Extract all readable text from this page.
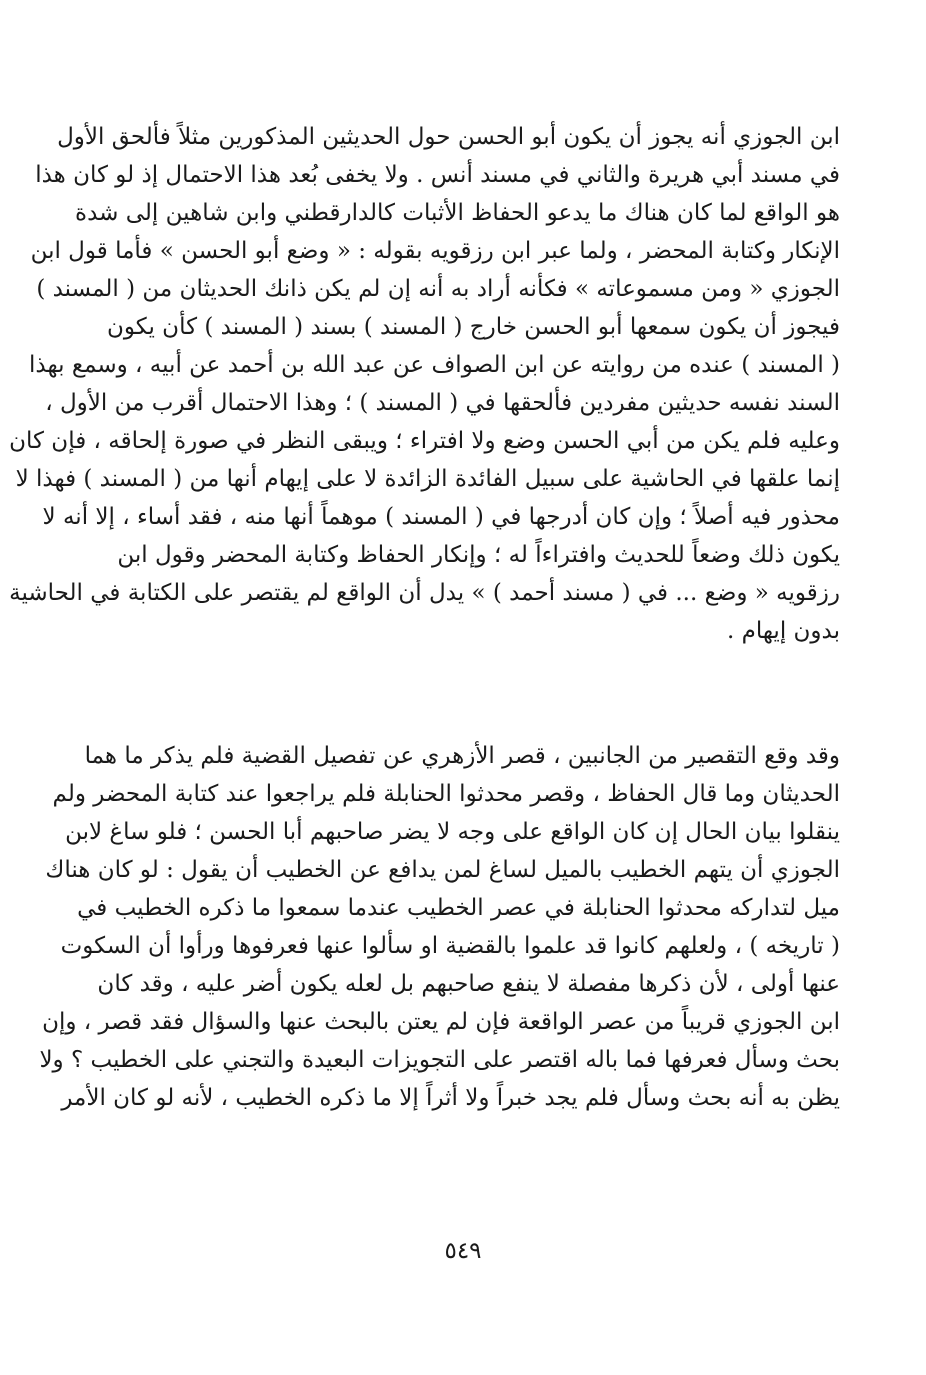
ابن الجوزي أنه يجوز أن يكون أبو الحسن حول الحديثين المذكورين مثلاً فألحق الأول
في مسند أبي هريرة والثاني في مسند أنس . ولا يخفى بُعد هذا الاحتمال إذ لو كان هذا
هو الواقع لما كان هناك ما يدعو الحفاظ الأثبات كالدارقطني وابن شاهين إلى شدة
الإنكار وكتابة المحضر ، ولما عبر ابن رزقويه بقوله : « وضع أبو الحسن » فأما قول ابن
الجوزي « ومن مسموعاته » فكأنه أراد به أنه إن لم يكن ذانك الحديثان من ( المسند )
فيجوز أن يكون سمعها أبو الحسن خارج ( المسند ) بسند ( المسند ) كأن يكون
( المسند ) عنده من روايته عن ابن الصواف عن عبد الله بن أحمد عن أبيه ، وسمع بهذا
السند نفسه حديثين مفردين فألحقها في ( المسند ) ؛ وهذا الاحتمال أقرب من الأول ،
وعليه فلم يكن من أبي الحسن وضع ولا افتراء ؛ ويبقى النظر في صورة إلحاقه ، فإن كان
إنما علقها في الحاشية على سبيل الفائدة الزائدة لا على إيهام أنها من ( المسند ) فهذا لا
محذور فيه أصلاً ؛ وإن كان أدرجها في ( المسند ) موهماً أنها منه ، فقد أساء ، إلا أنه لا
يكون ذلك وضعاً للحديث وافتراءاً له ؛ وإنكار الحفاظ وكتابة المحضر وقول ابن
رزقويه « وضع ... في ( مسند أحمد ) » يدل أن الواقع لم يقتصر على الكتابة في الحاشية
بدون إيهام .
وقد وقع التقصير من الجانبين ، قصر الأزهري عن تفصيل القضية فلم يذكر ما هما
الحديثان وما قال الحفاظ ، وقصر محدثوا الحنابلة فلم يراجعوا عند كتابة المحضر ولم
ينقلوا بيان الحال إن كان الواقع على وجه لا يضر صاحبهم أبا الحسن ؛ فلو ساغ لابن
الجوزي أن يتهم الخطيب بالميل لساغ لمن يدافع عن الخطيب أن يقول : لو كان هناك
ميل لتداركه محدثوا الحنابلة في عصر الخطيب عندما سمعوا ما ذكره الخطيب في
( تاريخه ) ، ولعلهم كانوا قد علموا بالقضية او سألوا عنها فعرفوها ورأوا أن السكوت
عنها أولى ، لأن ذكرها مفصلة لا ينفع صاحبهم بل لعله يكون أضر عليه ، وقد كان
ابن الجوزي قريباً من عصر الواقعة فإن لم يعتن بالبحث عنها والسؤال فقد قصر ، وإن
بحث وسأل فعرفها فما باله اقتصر على التجويزات البعيدة والتجني على الخطيب ؟ ولا
يظن به أنه بحث وسأل فلم يجد خبراً ولا أثراً إلا ما ذكره الخطيب ، لأنه لو كان الأمر
٥٤٩
